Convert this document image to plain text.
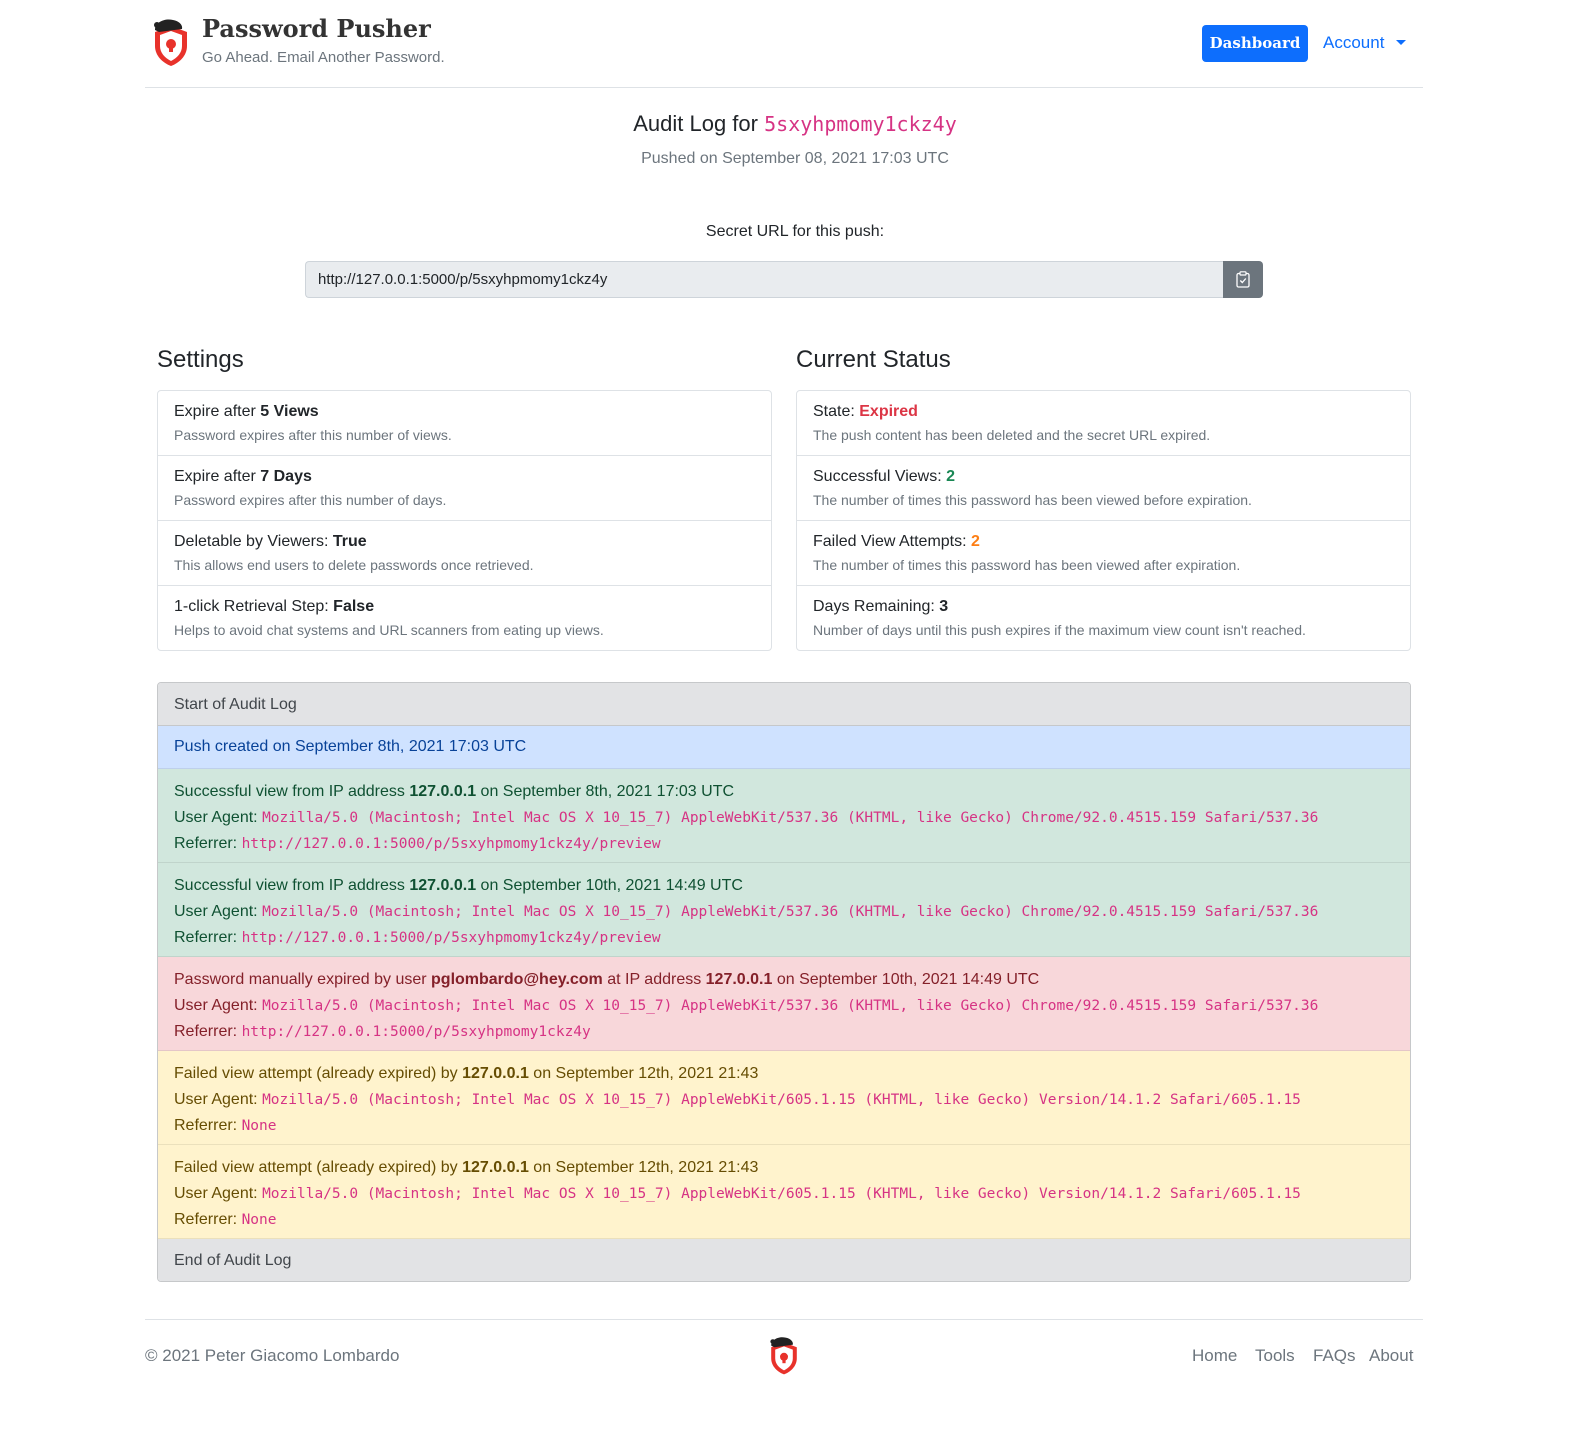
Password Pusher
Go Ahead. Email Another Password.
Dashboard	Account
Audit Log for 5sxyhpmomy1ckz4y
Pushed on September 08, 2021 17:03 UTC
Secret URL for this push:
http://127.0.0.1:5000/p/5sxyhpmomy1ckz4y
Settings
Expire after 5 Views
Password expires after this number of views.
Expire after 7 Days
Password expires after this number of days.
Deletable by Viewers: True
This allows end users to delete passwords once retrieved.
1-click Retrieval Step: False
Helps to avoid chat systems and URL scanners from eating up views.
Current Status
State: Expired
The push content has been deleted and the secret URL expired.
Successful Views: 2
The number of times this password has been viewed before expiration.
Failed View Attempts: 2
The number of times this password has been viewed after expiration.
Days Remaining: 3
Number of days until this push expires if the maximum view count isn't reached.
Start of Audit Log
Push created on September 8th, 2021 17:03 UTC
Successful view from IP address 127.0.0.1 on September 8th, 2021 17:03 UTC
User Agent: Mozilla/5.0 (Macintosh; Intel Mac OS X 10_15_7) AppleWebKit/537.36 (KHTML, like Gecko) Chrome/92.0.4515.159 Safari/537.36
Referrer: http://127.0.0.1:5000/p/5sxyhpmomy1ckz4y/preview
Successful view from IP address 127.0.0.1 on September 10th, 2021 14:49 UTC
User Agent: Mozilla/5.0 (Macintosh; Intel Mac OS X 10_15_7) AppleWebKit/537.36 (KHTML, like Gecko) Chrome/92.0.4515.159 Safari/537.36
Referrer: http://127.0.0.1:5000/p/5sxyhpmomy1ckz4y/preview
Password manually expired by user pglombardo@hey.com at IP address 127.0.0.1 on September 10th, 2021 14:49 UTC
User Agent: Mozilla/5.0 (Macintosh; Intel Mac OS X 10_15_7) AppleWebKit/537.36 (KHTML, like Gecko) Chrome/92.0.4515.159 Safari/537.36
Referrer: http://127.0.0.1:5000/p/5sxyhpmomy1ckz4y
Failed view attempt (already expired) by 127.0.0.1 on September 12th, 2021 21:43
User Agent: Mozilla/5.0 (Macintosh; Intel Mac OS X 10_15_7) AppleWebKit/605.1.15 (KHTML, like Gecko) Version/14.1.2 Safari/605.1.15
Referrer: None
Failed view attempt (already expired) by 127.0.0.1 on September 12th, 2021 21:43
User Agent: Mozilla/5.0 (Macintosh; Intel Mac OS X 10_15_7) AppleWebKit/605.1.15 (KHTML, like Gecko) Version/14.1.2 Safari/605.1.15
Referrer: None
End of Audit Log
© 2021 Peter Giacomo Lombardo	Home Tools FAQs About
